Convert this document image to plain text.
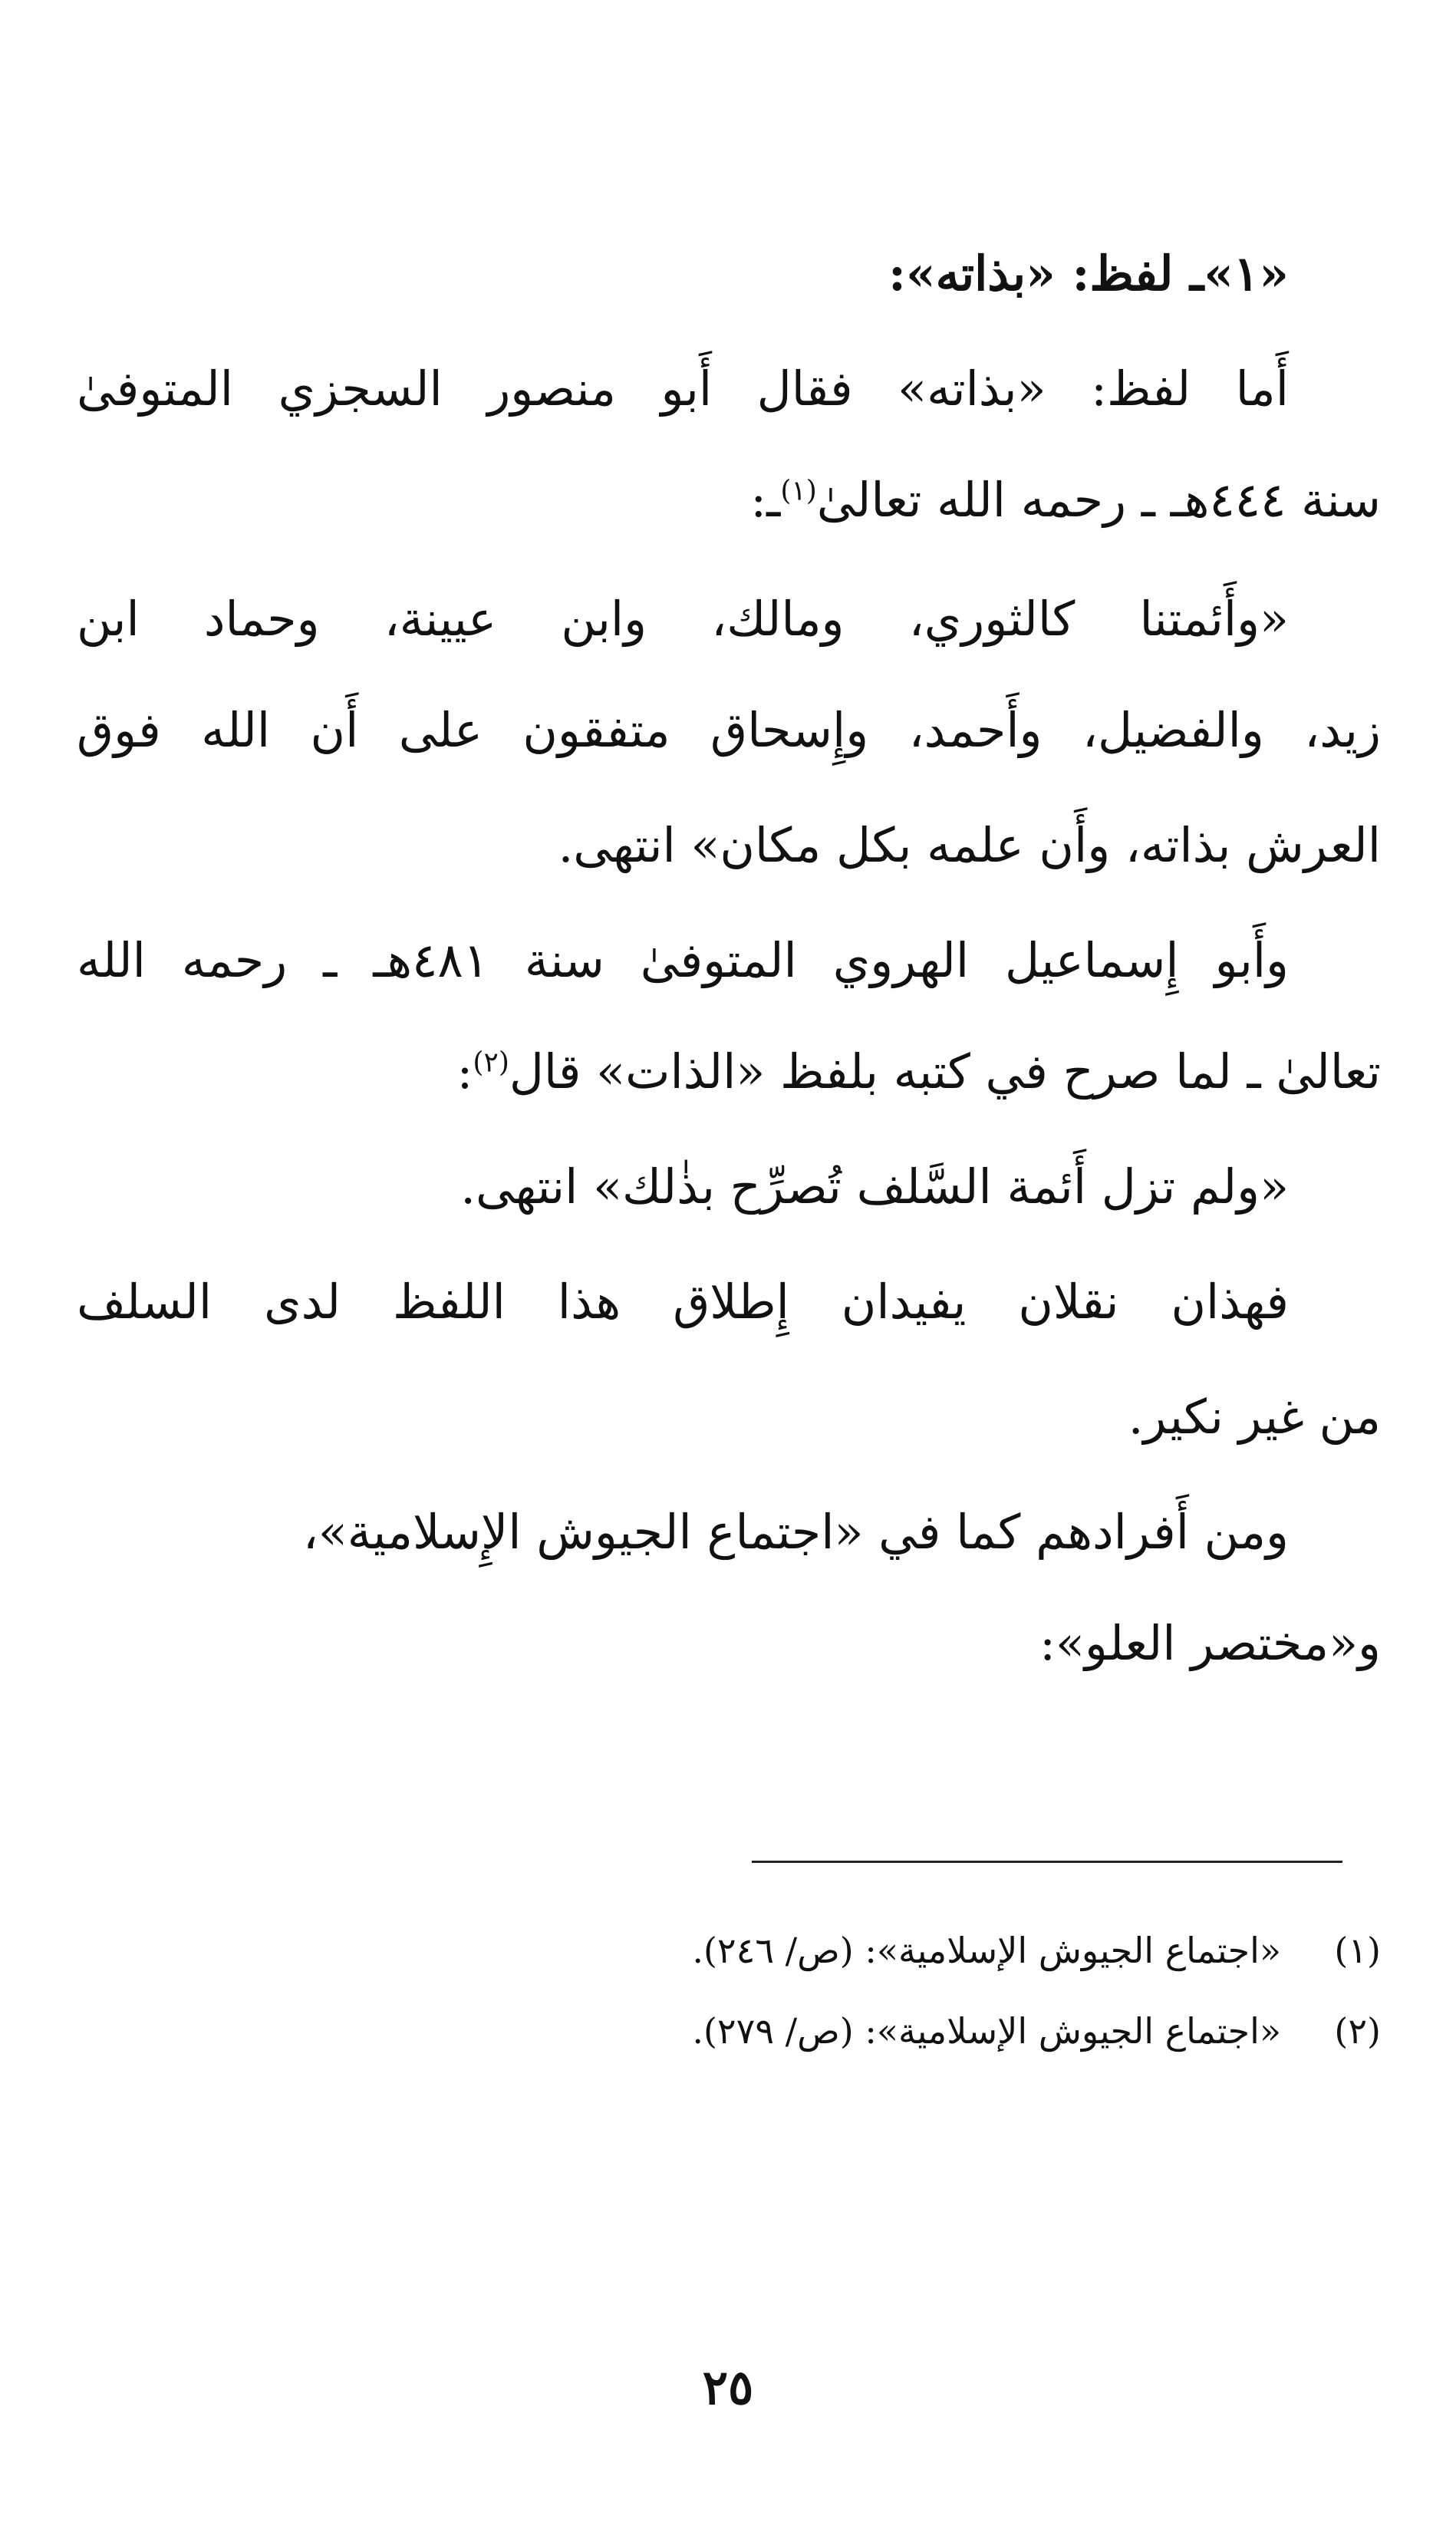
«١»ـ لفظ: «بذاته»:
أَما لفظ: «بذاته» فقال أَبو منصور السجزي المتوفىٰ
سنة ٤٤٤هـ ـ رحمه الله تعالىٰ$^{(١)}$ـ:
«وأَئمتنا كالثوري، ومالك، وابن عيينة، وحماد ابن
زيد، والفضيل، وأَحمد، وإِسحاق متفقون على أَن الله فوق
العرش بذاته، وأَن علمه بكل مكان» انتهى.
وأَبو إِسماعيل الهروي المتوفىٰ سنة ٤٨١هـ ـ رحمه الله
تعالىٰ ـ لما صرح في كتبه بلفظ «الذات» قال$^{(٢)}$:
«ولم تزل أَئمة السَّلف تُصرِّح بذٰلك» انتهى.
فهذان نقلان يفيدان إِطلاق هذا اللفظ لدى السلف
من غير نكير.
ومن أَفرادهم كما في «اجتماع الجيوش الإِسلامية»،
و«مختصر العلو»:
(١)«اجتماع الجيوش الإسلامية»: (ص/ ٢٤٦).
(٢)«اجتماع الجيوش الإسلامية»: (ص/ ٢٧٩).
٢٥
